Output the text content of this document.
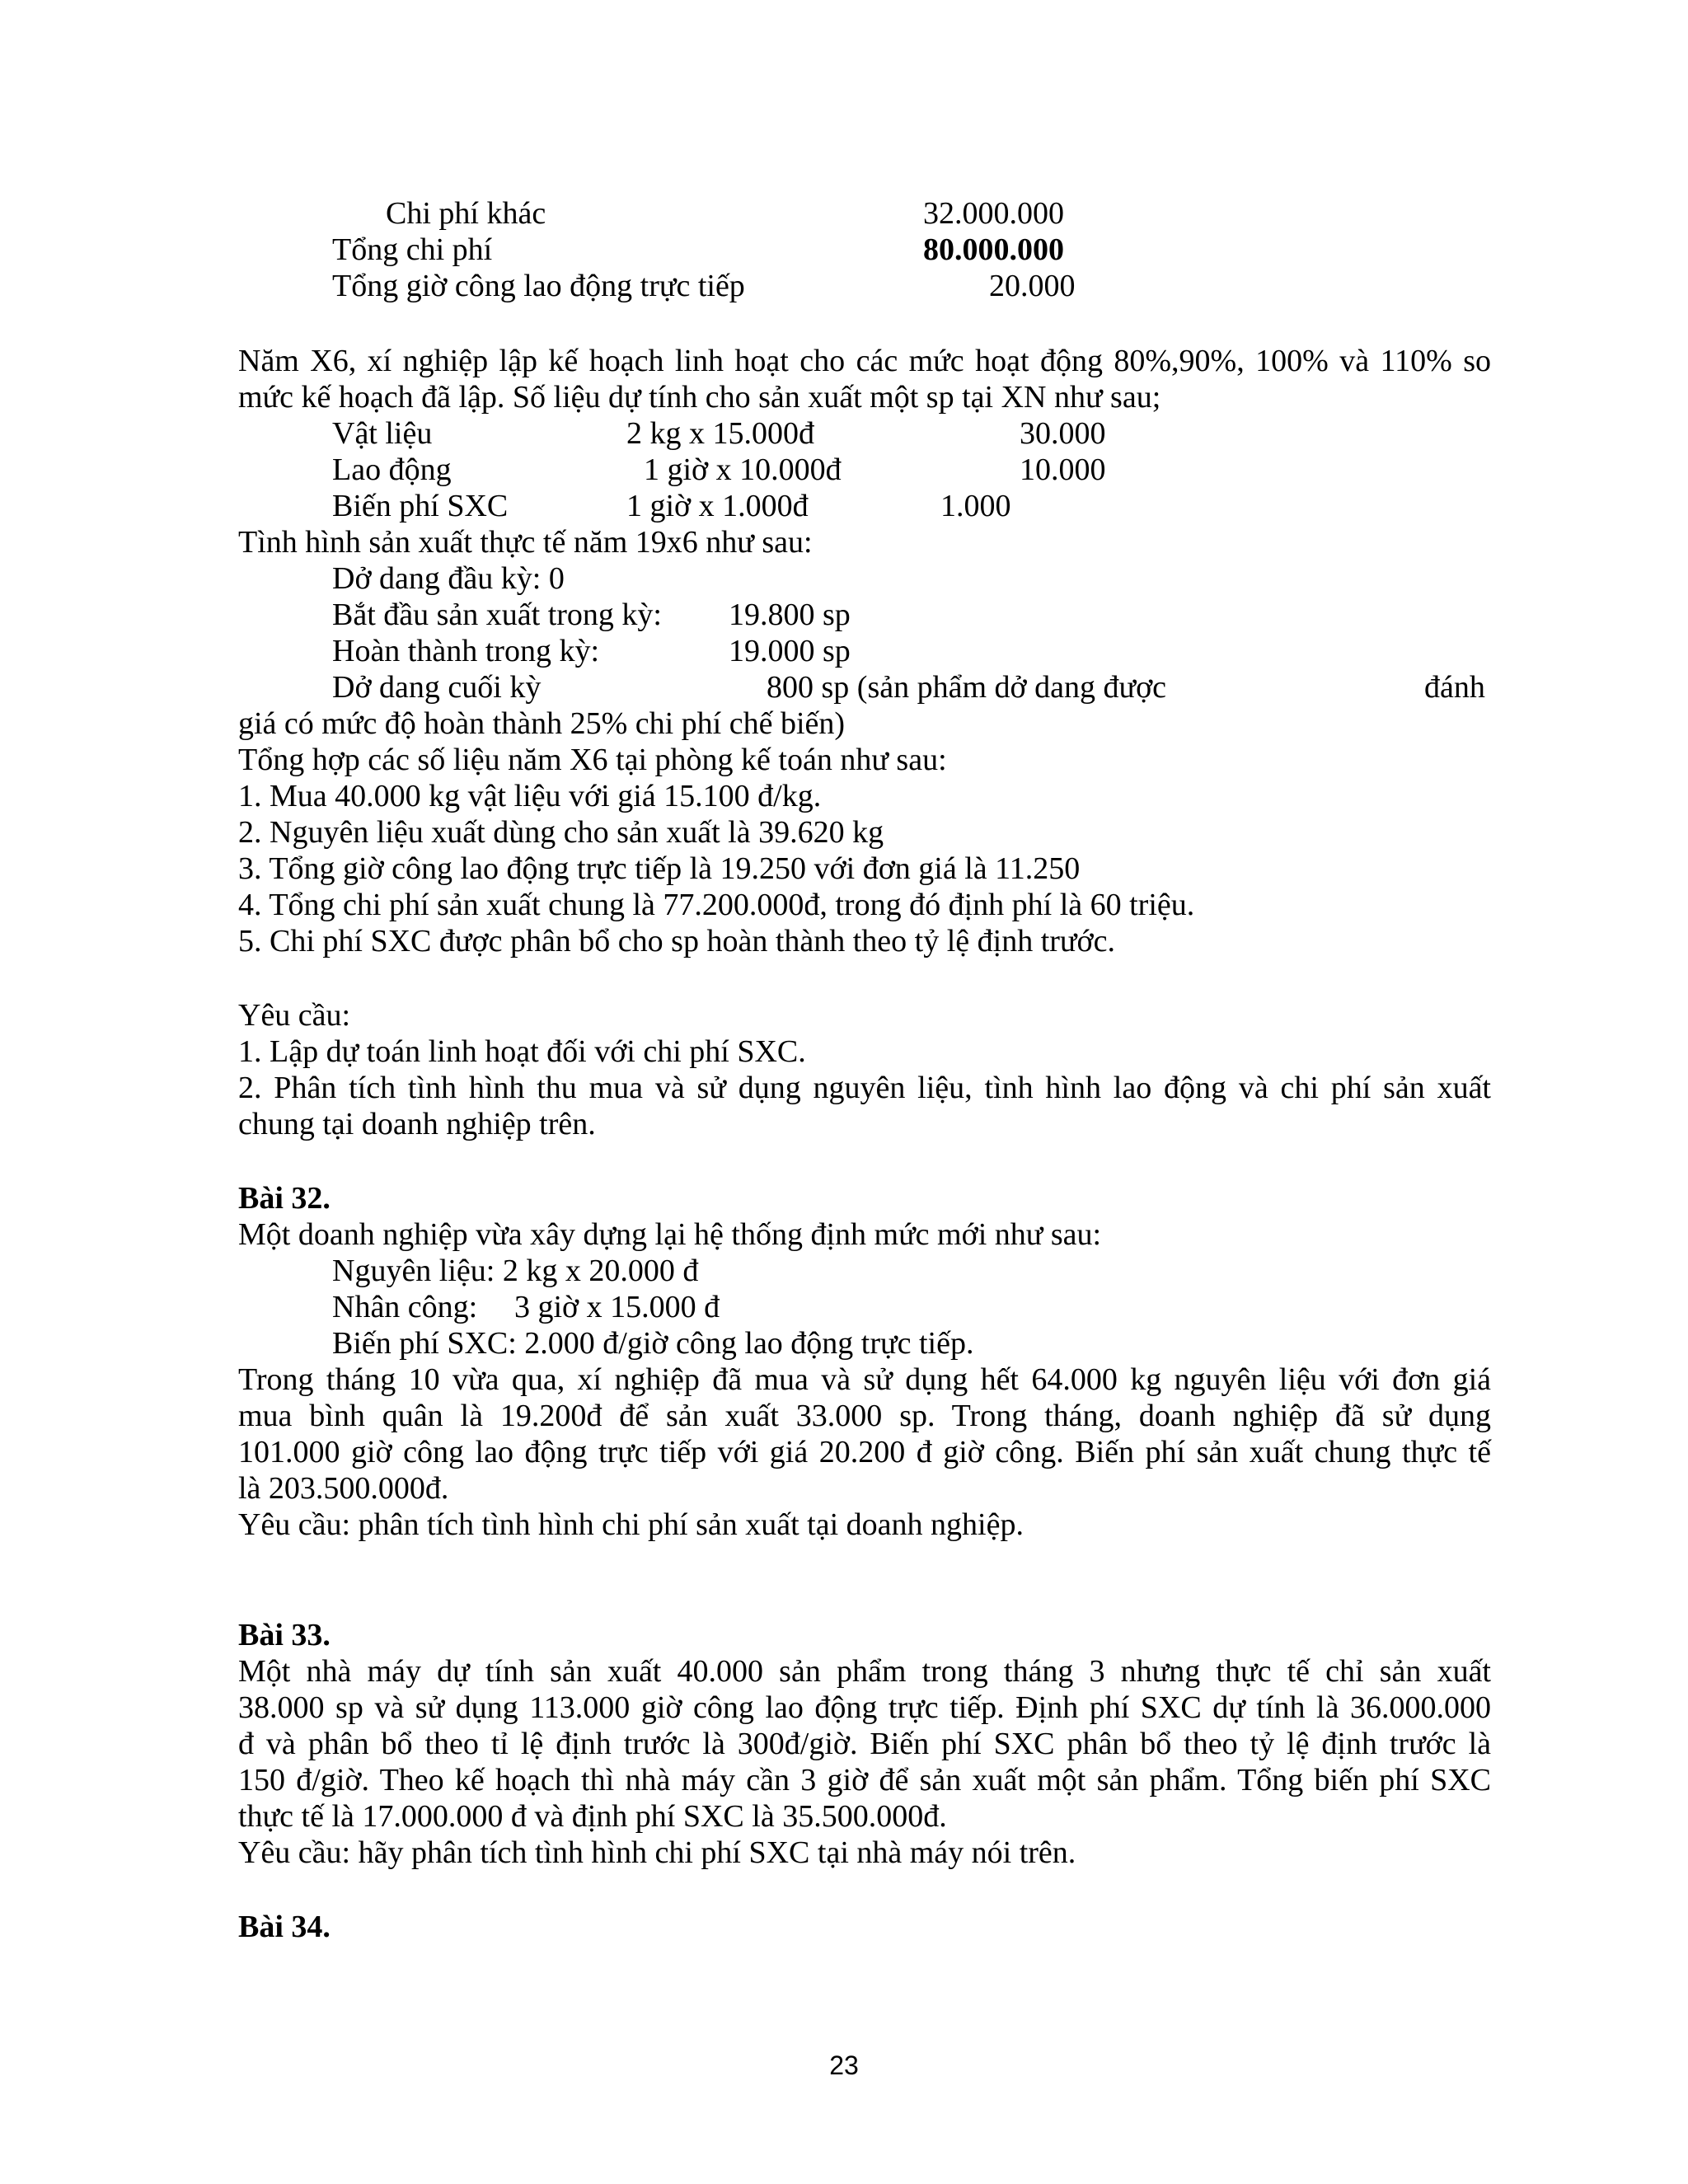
Chi phí khác	32.000.000
Tổng chi phí	80.000.000
Tổng giờ công lao động trực tiếp	20.000
Năm X6, xí nghiệp lập kế hoạch linh hoạt cho các mức hoạt động 80%,90%, 100% và 110% so
mức kế hoạch đã lập. Số liệu dự tính cho sản xuất một sp tại XN như sau;
Vật liệu	2 kg x 15.000đ	30.000
Lao động	1 giờ x 10.000đ	10.000
Biến phí SXC	1 giờ x 1.000đ	1.000
Tình hình sản xuất thực tế năm 19x6 như sau:
Dở dang đầu kỳ: 0
Bắt đầu sản xuất trong kỳ: 19.800 sp
Hoàn thành trong kỳ:	19.000 sp
Dở dang cuối kỳ	800 sp (sản phẩm dở dang được	đánh
giá có mức độ hoàn thành 25% chi phí chế biến)
Tổng hợp các số liệu năm X6 tại phòng kế toán như sau:
1. Mua 40.000 kg vật liệu với giá 15.100 đ/kg.
2. Nguyên liệu xuất dùng cho sản xuất là 39.620 kg
3. Tổng giờ công lao động trực tiếp là 19.250 với đơn giá là 11.250
4. Tổng chi phí sản xuất chung là 77.200.000đ, trong đó định phí là 60 triệu.
5. Chi phí SXC được phân bổ cho sp hoàn thành theo tỷ lệ định trước.
Yêu cầu:
1. Lập dự toán linh hoạt đối với chi phí SXC.
2. Phân tích tình hình thu mua và sử dụng nguyên liệu, tình hình lao động và chi phí sản xuất
chung tại doanh nghiệp trên.
Bài 32.
Một doanh nghiệp vừa xây dựng lại hệ thống định mức mới như sau:
Nguyên liệu: 2 kg x 20.000 đ
Nhân công: 3 giờ x 15.000 đ
Biến phí SXC: 2.000 đ/giờ công lao động trực tiếp.
Trong tháng 10 vừa qua, xí nghiệp đã mua và sử dụng hết 64.000 kg nguyên liệu với đơn giá
mua bình quân là 19.200đ để sản xuất 33.000 sp. Trong tháng, doanh nghiệp đã sử dụng
101.000 giờ công lao động trực tiếp với giá 20.200 đ giờ công. Biến phí sản xuất chung thực tế
là 203.500.000đ.
Yêu cầu: phân tích tình hình chi phí sản xuất tại doanh nghiệp.
Bài 33.
Một nhà máy dự tính sản xuất 40.000 sản phẩm trong tháng 3 nhưng thực tế chỉ sản xuất
38.000 sp và sử dụng 113.000 giờ công lao động trực tiếp. Định phí SXC dự tính là 36.000.000
đ và phân bổ theo tỉ lệ định trước là 300đ/giờ. Biến phí SXC phân bổ theo tỷ lệ định trước là
150 đ/giờ. Theo kế hoạch thì nhà máy cần 3 giờ để sản xuất một sản phẩm. Tổng biến phí SXC
thực tế là 17.000.000 đ và định phí SXC là 35.500.000đ.
Yêu cầu: hãy phân tích tình hình chi phí SXC tại nhà máy nói trên.
Bài 34.
23
